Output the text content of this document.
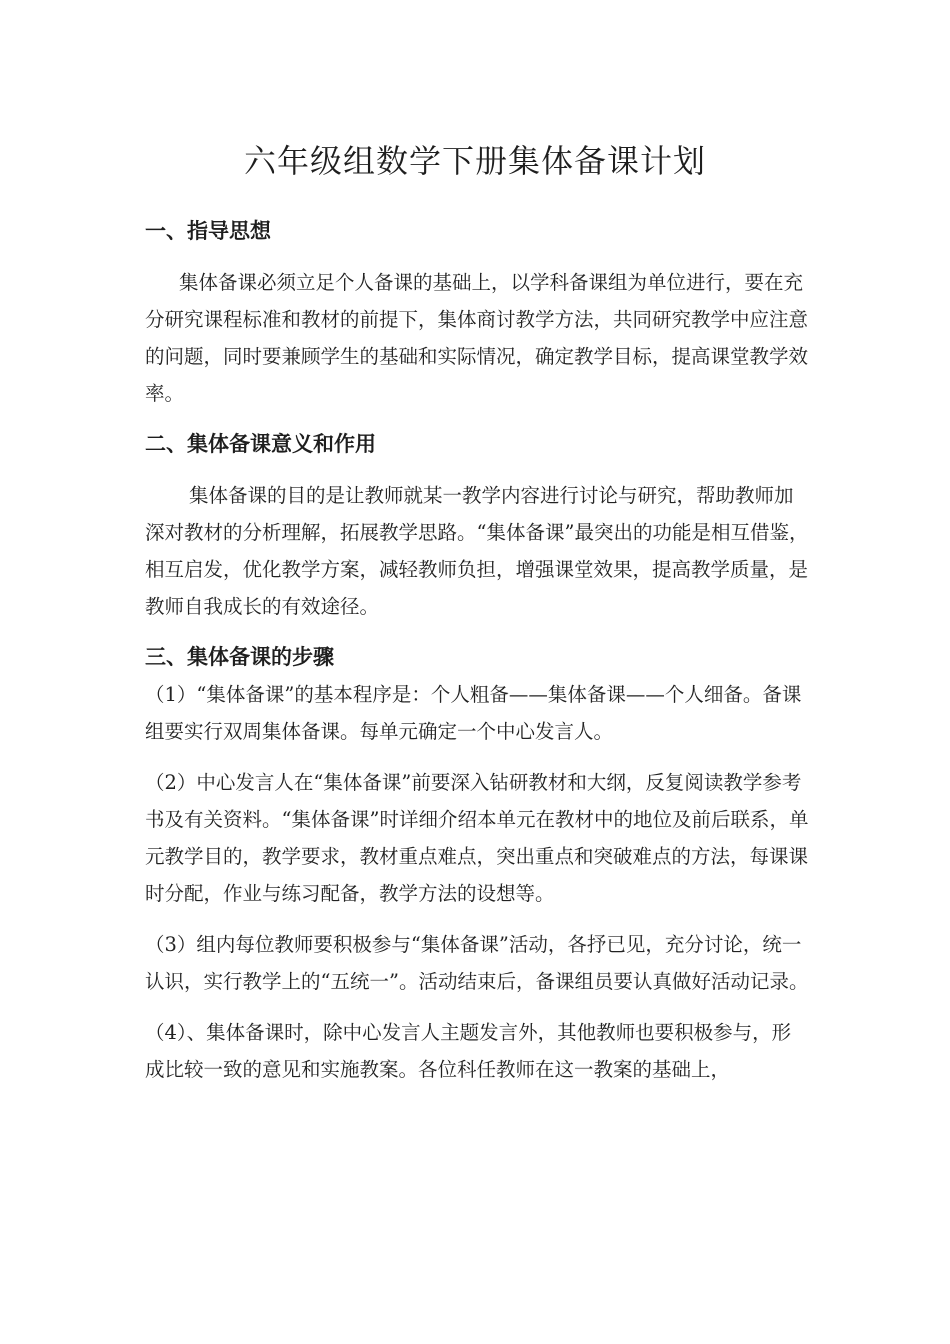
六年级组数学下册集体备课计划
一、指导思想

集体备课必须立足个人备课的基础上，以学科备课组为单位进行，要在充分研究课程标准和教材的前提下，集体商讨教学方法，共同研究教学中应注意的问题，同时要兼顾学生的基础和实际情况，确定教学目标，提高课堂教学效率。

二、集体备课意义和作用

集体备课的目的是让教师就某一教学内容进行讨论与研究，帮助教师加深对教材的分析理解，拓展教学思路。“集体备课”最突出的功能是相互借鉴，相互启发，优化教学方案，减轻教师负担，增强课堂效果，提高教学质量，是教师自我成长的有效途径。

三、集体备课的步骤

（1）“集体备课”的基本程序是：个人粗备——集体备课——个人细备。备课组要实行双周集体备课。每单元确定一个中心发言人。

（2）中心发言人在“集体备课”前要深入钻研教材和大纲，反复阅读教学参考书及有关资料。“集体备课”时详细介绍本单元在教材中的地位及前后联系，单元教学目的，教学要求，教材重点难点，突出重点和突破难点的方法，每课课时分配，作业与练习配备，教学方法的设想等。

（3）组内每位教师要积极参与“集体备课”活动，各抒已见，充分讨论，统一认识，实行教学上的“五统一”。活动结束后，备课组员要认真做好活动记录。

（4）、集体备课时，除中心发言人主题发言外，其他教师也要积极参与，形成比较一致的意见和实施教案。各位科任教师在这一教案的基础上，
